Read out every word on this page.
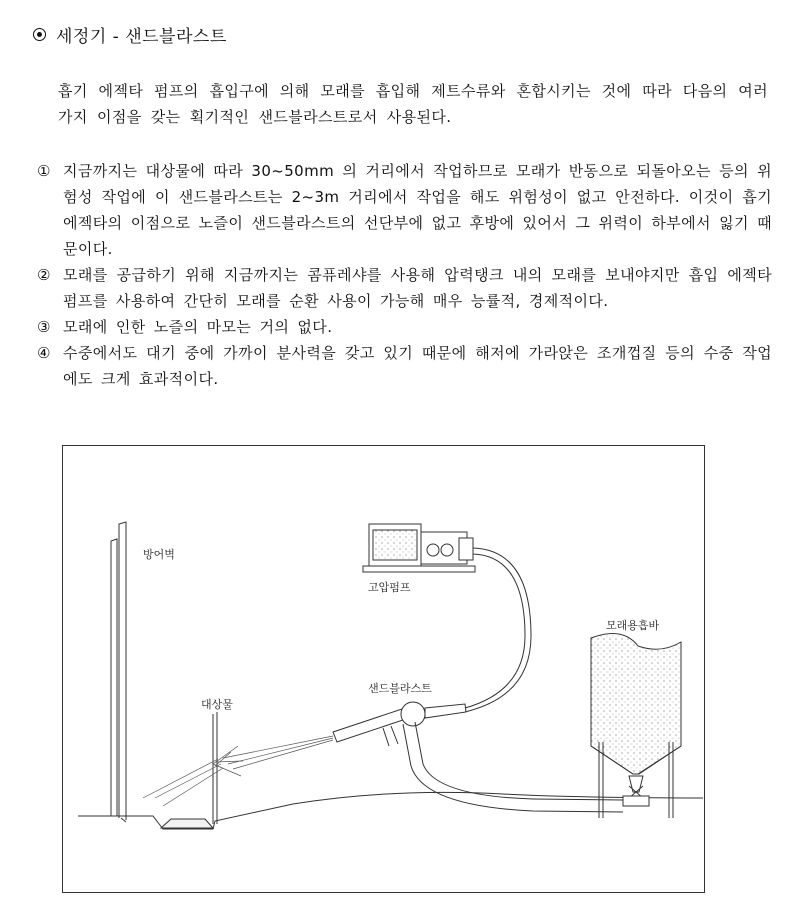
세정기 - 샌드블라스트

흡기 에젝타 펌프의 흡입구에 의해 모래를 흡입해 제트수류와 혼합시키는 것에 따라 다음의 여러 가지 이점을 갖는 획기적인 샌드블라스트로서 사용된다.

① 지금까지는 대상물에 따라 30~50mm 의 거리에서 작업하므로 모래가 반동으로 되돌아오는 등의 위험성 작업에 이 샌드블라스트는 2~3m 거리에서 작업을 해도 위험성이 없고 안전하다. 이것이 흡기 에젝타의 이점으로 노즐이 샌드블라스트의 선단부에 없고 후방에 있어서 그 위력이 하부에서 잃기 때문이다.
② 모래를 공급하기 위해 지금까지는 콤퓨레샤를 사용해 압력탱크 내의 모래를 보내야지만 흡입 에젝타 펌프를 사용하여 간단히 모래를 순환 사용이 가능해 매우 능률적, 경제적이다.
③ 모래에 인한 노즐의 마모는 거의 없다.
④ 수중에서도 대기 중에 가까이 분사력을 갖고 있기 때문에 해저에 가라앉은 조개껍질 등의 수중 작업에도 크게 효과적이다.
방어벽
대상물
샌드블라스트
고압펌프
모래용흡바
